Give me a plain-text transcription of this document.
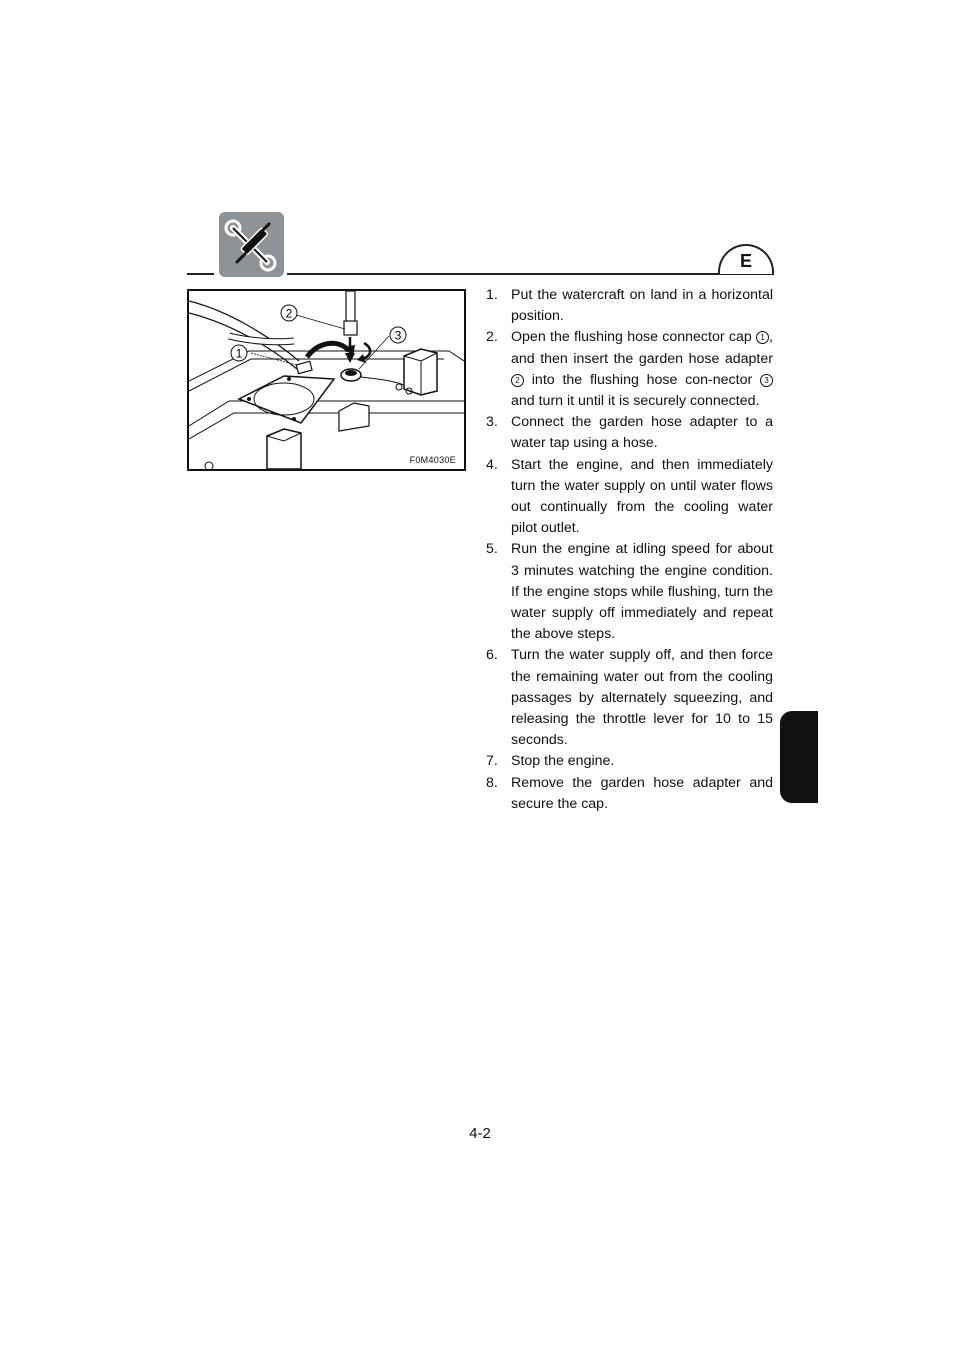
E
1
2
3
F0M4030E
1. Put the watercraft on land in a horizontal position.
2. Open the flushing hose connector cap 1 , and then insert the garden hose adapter 2 into the flushing hose con-nector 3 and turn it until it is securely connected.
3. Connect the garden hose adapter to a water tap using a hose.
4. Start the engine, and then immediately turn the water supply on until water flows out continually from the cooling water pilot outlet.
5. Run the engine at idling speed for about 3 minutes watching the engine condition. If the engine stops while flushing, turn the water supply off immediately and repeat the above steps.
6. Turn the water supply off, and then force the remaining water out from the cooling passages by alternately squeezing, and releasing the throttle lever for 10 to 15 seconds.
7. Stop the engine.
8. Remove the garden hose adapter and secure the cap.
4-2
